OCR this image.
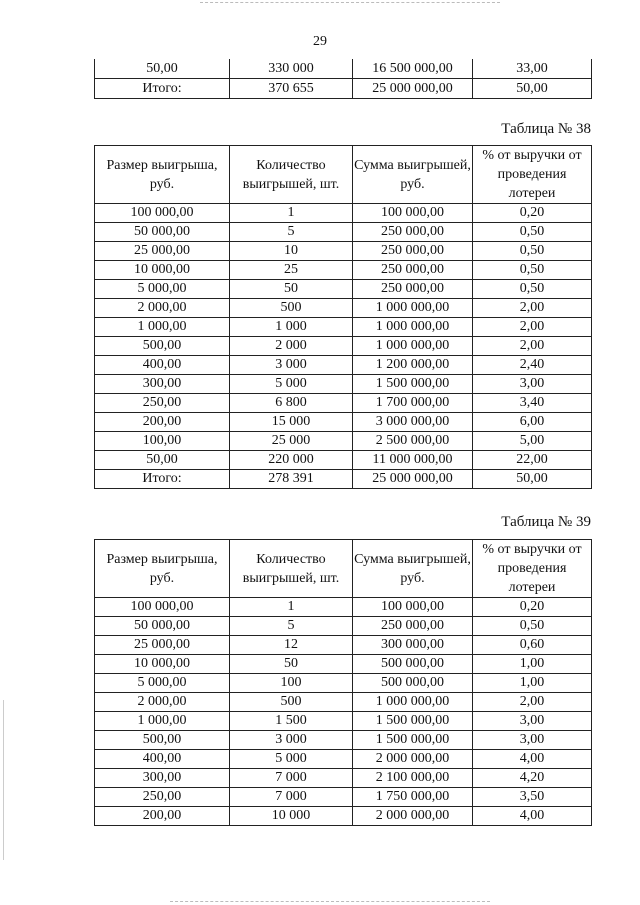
29
50,00	330 000	16 500 000,00	33,00
Итого:	370 655	25 000 000,00	50,00
Таблица № 38
Размер выигрыша, руб.	Количество выигрышей, шт.	Сумма выигрышей, руб.	% от выручки от проведения лотереи
100 000,00	1	100 000,00	0,20
50 000,00	5	250 000,00	0,50
25 000,00	10	250 000,00	0,50
10 000,00	25	250 000,00	0,50
5 000,00	50	250 000,00	0,50
2 000,00	500	1 000 000,00	2,00
1 000,00	1 000	1 000 000,00	2,00
500,00	2 000	1 000 000,00	2,00
400,00	3 000	1 200 000,00	2,40
300,00	5 000	1 500 000,00	3,00
250,00	6 800	1 700 000,00	3,40
200,00	15 000	3 000 000,00	6,00
100,00	25 000	2 500 000,00	5,00
50,00	220 000	11 000 000,00	22,00
Итого:	278 391	25 000 000,00	50,00
Таблица № 39
Размер выигрыша, руб.	Количество выигрышей, шт.	Сумма выигрышей, руб.	% от выручки от проведения лотереи
100 000,00	1	100 000,00	0,20
50 000,00	5	250 000,00	0,50
25 000,00	12	300 000,00	0,60
10 000,00	50	500 000,00	1,00
5 000,00	100	500 000,00	1,00
2 000,00	500	1 000 000,00	2,00
1 000,00	1 500	1 500 000,00	3,00
500,00	3 000	1 500 000,00	3,00
400,00	5 000	2 000 000,00	4,00
300,00	7 000	2 100 000,00	4,20
250,00	7 000	1 750 000,00	3,50
200,00	10 000	2 000 000,00	4,00
